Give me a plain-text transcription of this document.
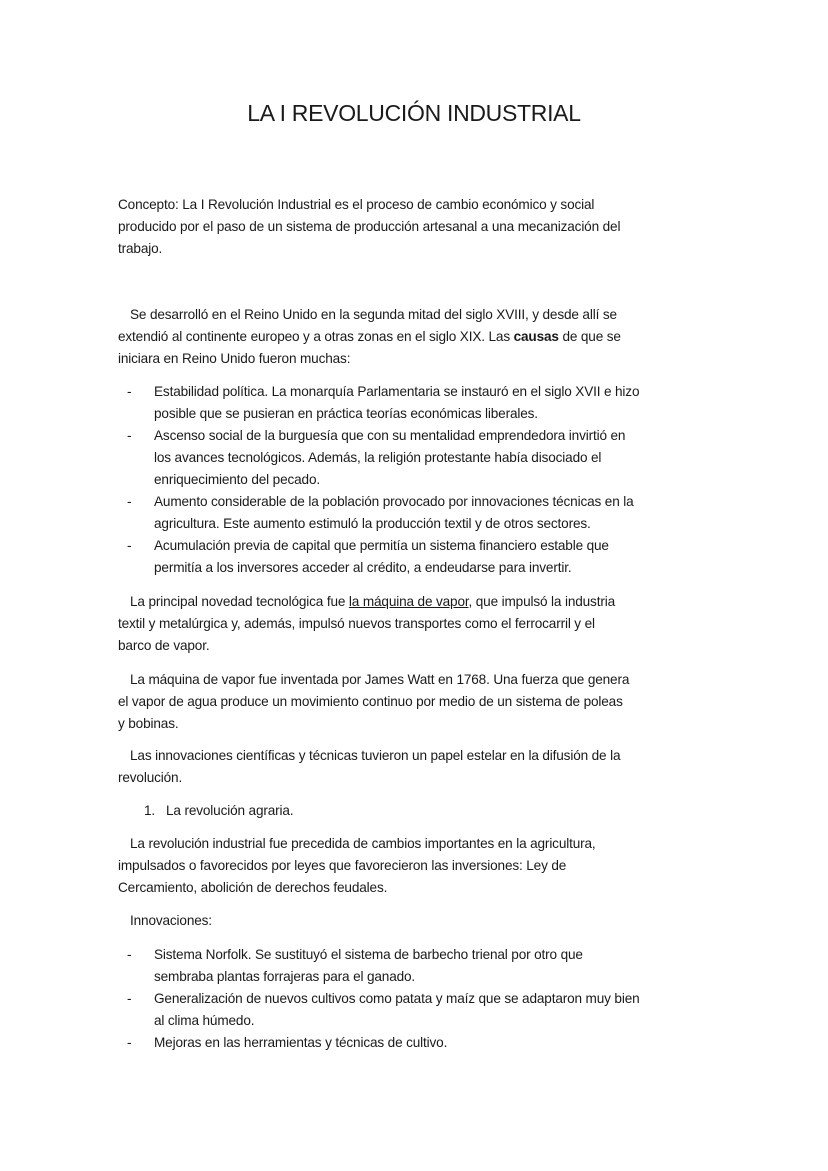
LA I REVOLUCIÓN INDUSTRIAL
Concepto: La I Revolución Industrial es el proceso de cambio económico y social
producido por el paso de un sistema de producción artesanal a una mecanización del
trabajo.
Se desarrolló en el Reino Unido en la segunda mitad del siglo XVIII, y desde allí se
extendió al continente europeo y a otras zonas en el siglo XIX. Las causas de que se
iniciara en Reino Unido fueron muchas:
- Estabilidad política. La monarquía Parlamentaria se instauró en el siglo XVII e hizo
posible que se pusieran en práctica teorías económicas liberales.
- Ascenso social de la burguesía que con su mentalidad emprendedora invirtió en
los avances tecnológicos. Además, la religión protestante había disociado el
enriquecimiento del pecado.
- Aumento considerable de la población provocado por innovaciones técnicas en la
agricultura. Este aumento estimuló la producción textil y de otros sectores.
- Acumulación previa de capital que permitía un sistema financiero estable que
permitía a los inversores acceder al crédito, a endeudarse para invertir.
La principal novedad tecnológica fue la máquina de vapor, que impulsó la industria
textil y metalúrgica y, además, impulsó nuevos transportes como el ferrocarril y el
barco de vapor.
La máquina de vapor fue inventada por James Watt en 1768. Una fuerza que genera
el vapor de agua produce un movimiento continuo por medio de un sistema de poleas
y bobinas.
Las innovaciones científicas y técnicas tuvieron un papel estelar en la difusión de la
revolución.
1. La revolución agraria.
La revolución industrial fue precedida de cambios importantes en la agricultura,
impulsados o favorecidos por leyes que favorecieron las inversiones: Ley de
Cercamiento, abolición de derechos feudales.
Innovaciones:
- Sistema Norfolk. Se sustituyó el sistema de barbecho trienal por otro que
sembraba plantas forrajeras para el ganado.
- Generalización de nuevos cultivos como patata y maíz que se adaptaron muy bien
al clima húmedo.
- Mejoras en las herramientas y técnicas de cultivo.
